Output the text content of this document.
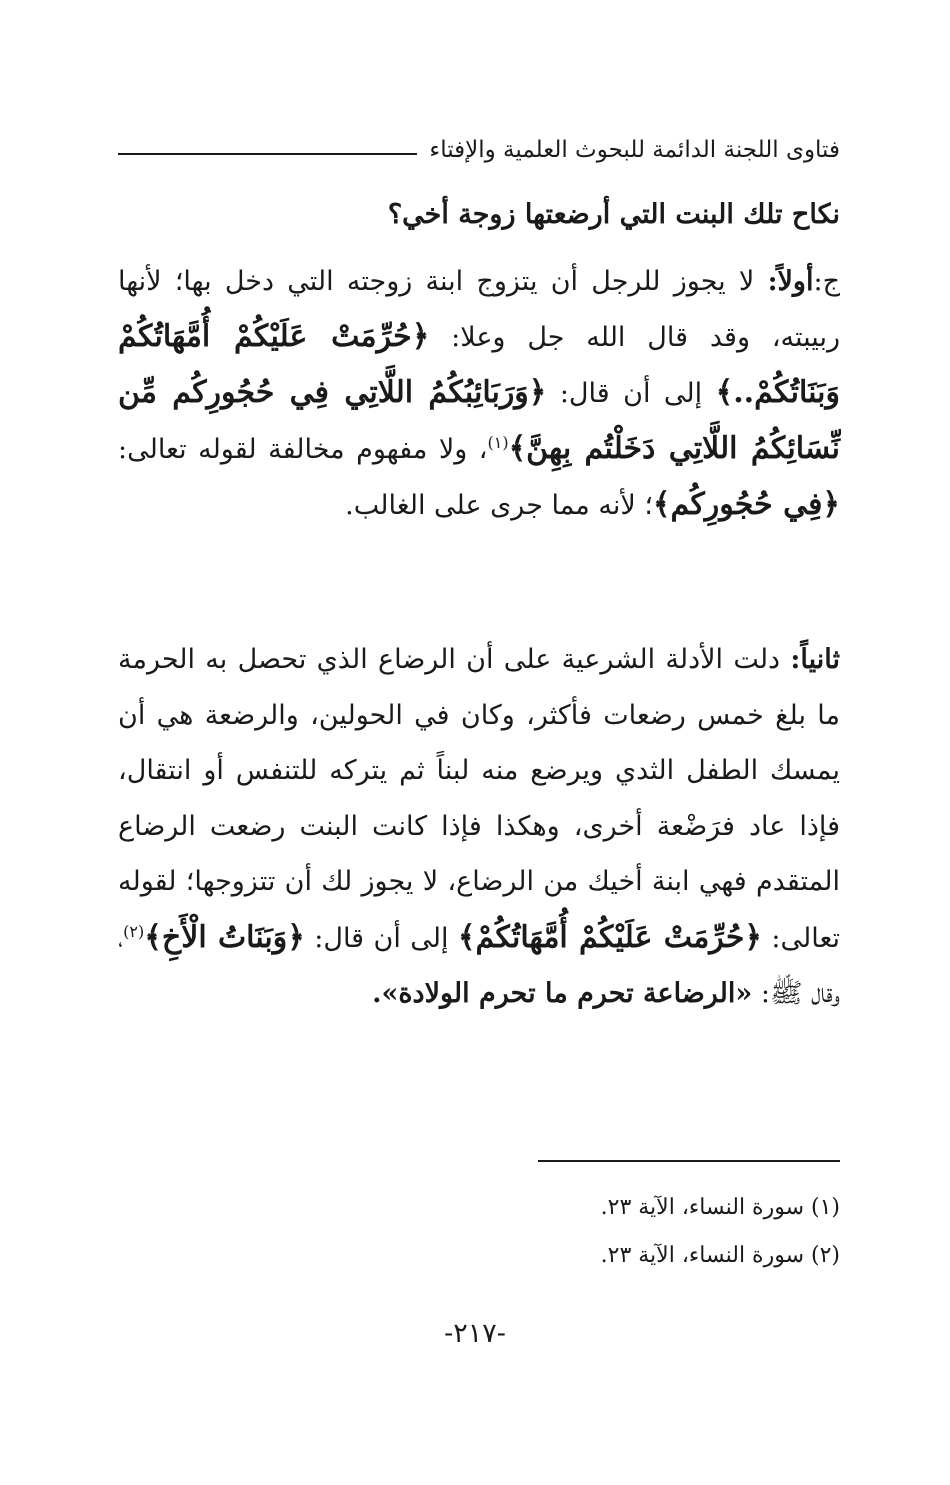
فتاوى اللجنة الدائمة للبحوث العلمية والإفتاء
نكاح تلك البنت التي أرضعتها زوجة أخي؟
ج:أولاً: لا يجوز للرجل أن يتزوج ابنة زوجته التي دخل بها؛ لأنها ربيبته، وقد قال الله جل وعلا: ﴿حُرِّمَتْ عَلَيْكُمْ أُمَّهَاتُكُمْ وَبَنَاتُكُمْ..﴾ إلى أن قال: ﴿وَرَبَائِبُكُمُ اللَّاتِي فِي حُجُورِكُم مِّن نِّسَائِكُمُ اللَّاتِي دَخَلْتُم بِهِنَّ﴾$^{(١)}$، ولا مفهوم مخالفة لقوله تعالى: ﴿فِي حُجُورِكُم﴾؛ لأنه مما جرى على الغالب.
ثانياً: دلت الأدلة الشرعية على أن الرضاع الذي تحصل به الحرمة ما بلغ خمس رضعات فأكثر، وكان في الحولين، والرضعة هي أن يمسك الطفل الثدي ويرضع منه لبناً ثم يتركه للتنفس أو انتقال، فإذا عاد فرَضْعة أخرى، وهكذا فإذا كانت البنت رضعت الرضاع المتقدم فهي ابنة أخيك من الرضاع، لا يجوز لك أن تتزوجها؛ لقوله تعالى: ﴿حُرِّمَتْ عَلَيْكُمْ أُمَّهَاتُكُمْ﴾ إلى أن قال: ﴿وَبَنَاتُ الْأَخِ﴾$^{(٢)}$، وقال ﷺ: «الرضاعة تحرم ما تحرم الولادة».
(١) سورة النساء، الآية ٢٣.
(٢) سورة النساء، الآية ٢٣.
-٢١٧-
